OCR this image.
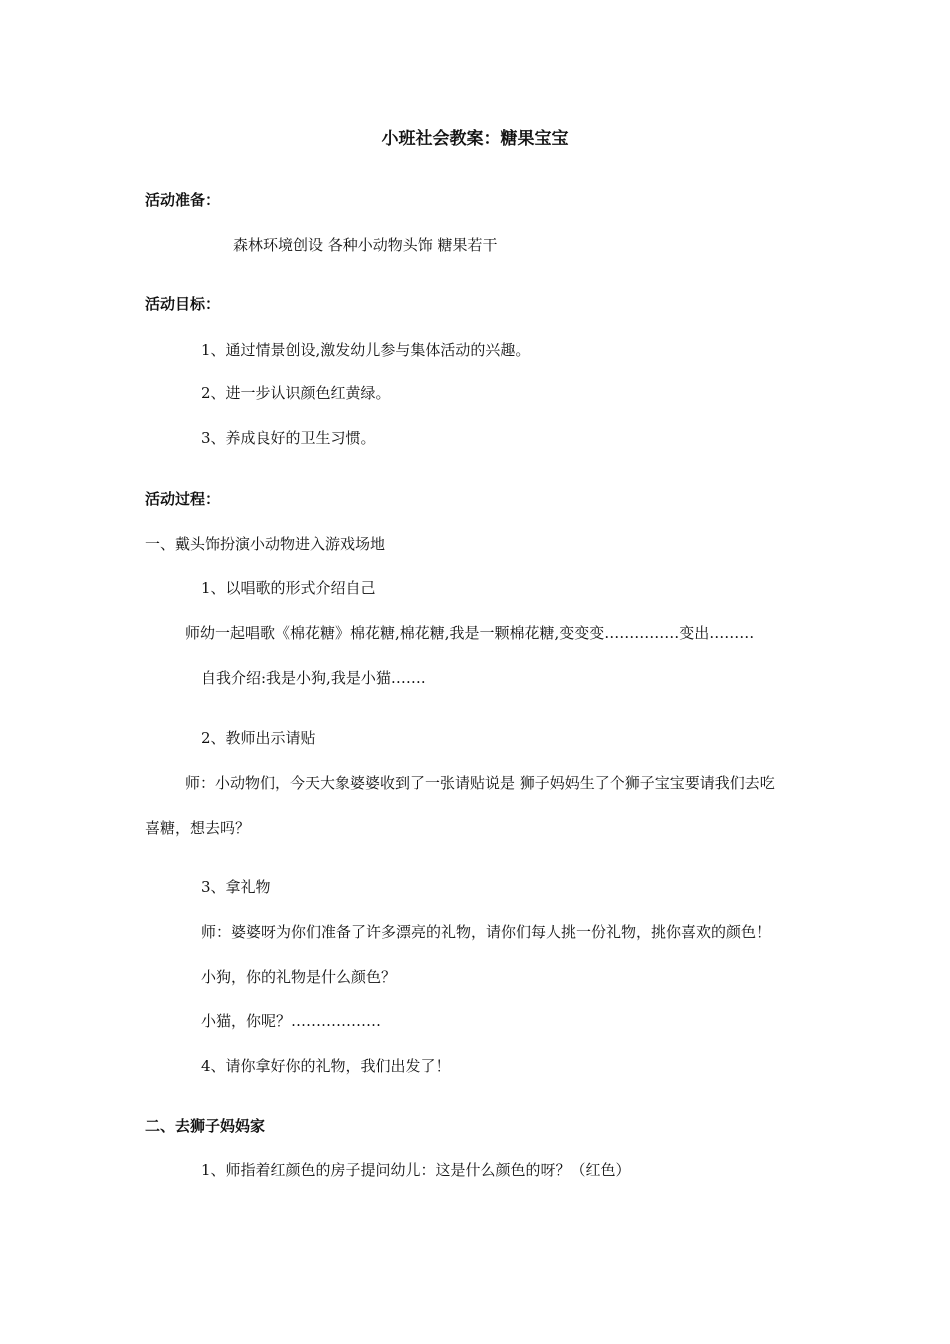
小班社会教案：糖果宝宝
活动准备：
森林环境创设 各种小动物头饰 糖果若干
活动目标：
1、通过情景创设,激发幼儿参与集体活动的兴趣。
2、进一步认识颜色红黄绿。
3、养成良好的卫生习惯。
活动过程：
一、戴头饰扮演小动物进入游戏场地
1、以唱歌的形式介绍自己
师幼一起唱歌《棉花糖》棉花糖,棉花糖,我是一颗棉花糖,变变变……………变出………
自我介绍:我是小狗,我是小猫…….
2、教师出示请贴
师：小动物们，今天大象婆婆收到了一张请贴说是 狮子妈妈生了个狮子宝宝要请我们去吃
喜糖，想去吗？
3、拿礼物
师：婆婆呀为你们准备了许多漂亮的礼物，请你们每人挑一份礼物，挑你喜欢的颜色！
小狗，你的礼物是什么颜色？
小猫，你呢？………………
4、请你拿好你的礼物，我们出发了！
二、去狮子妈妈家
1、师指着红颜色的房子提问幼儿：这是什么颜色的呀？（红色）
